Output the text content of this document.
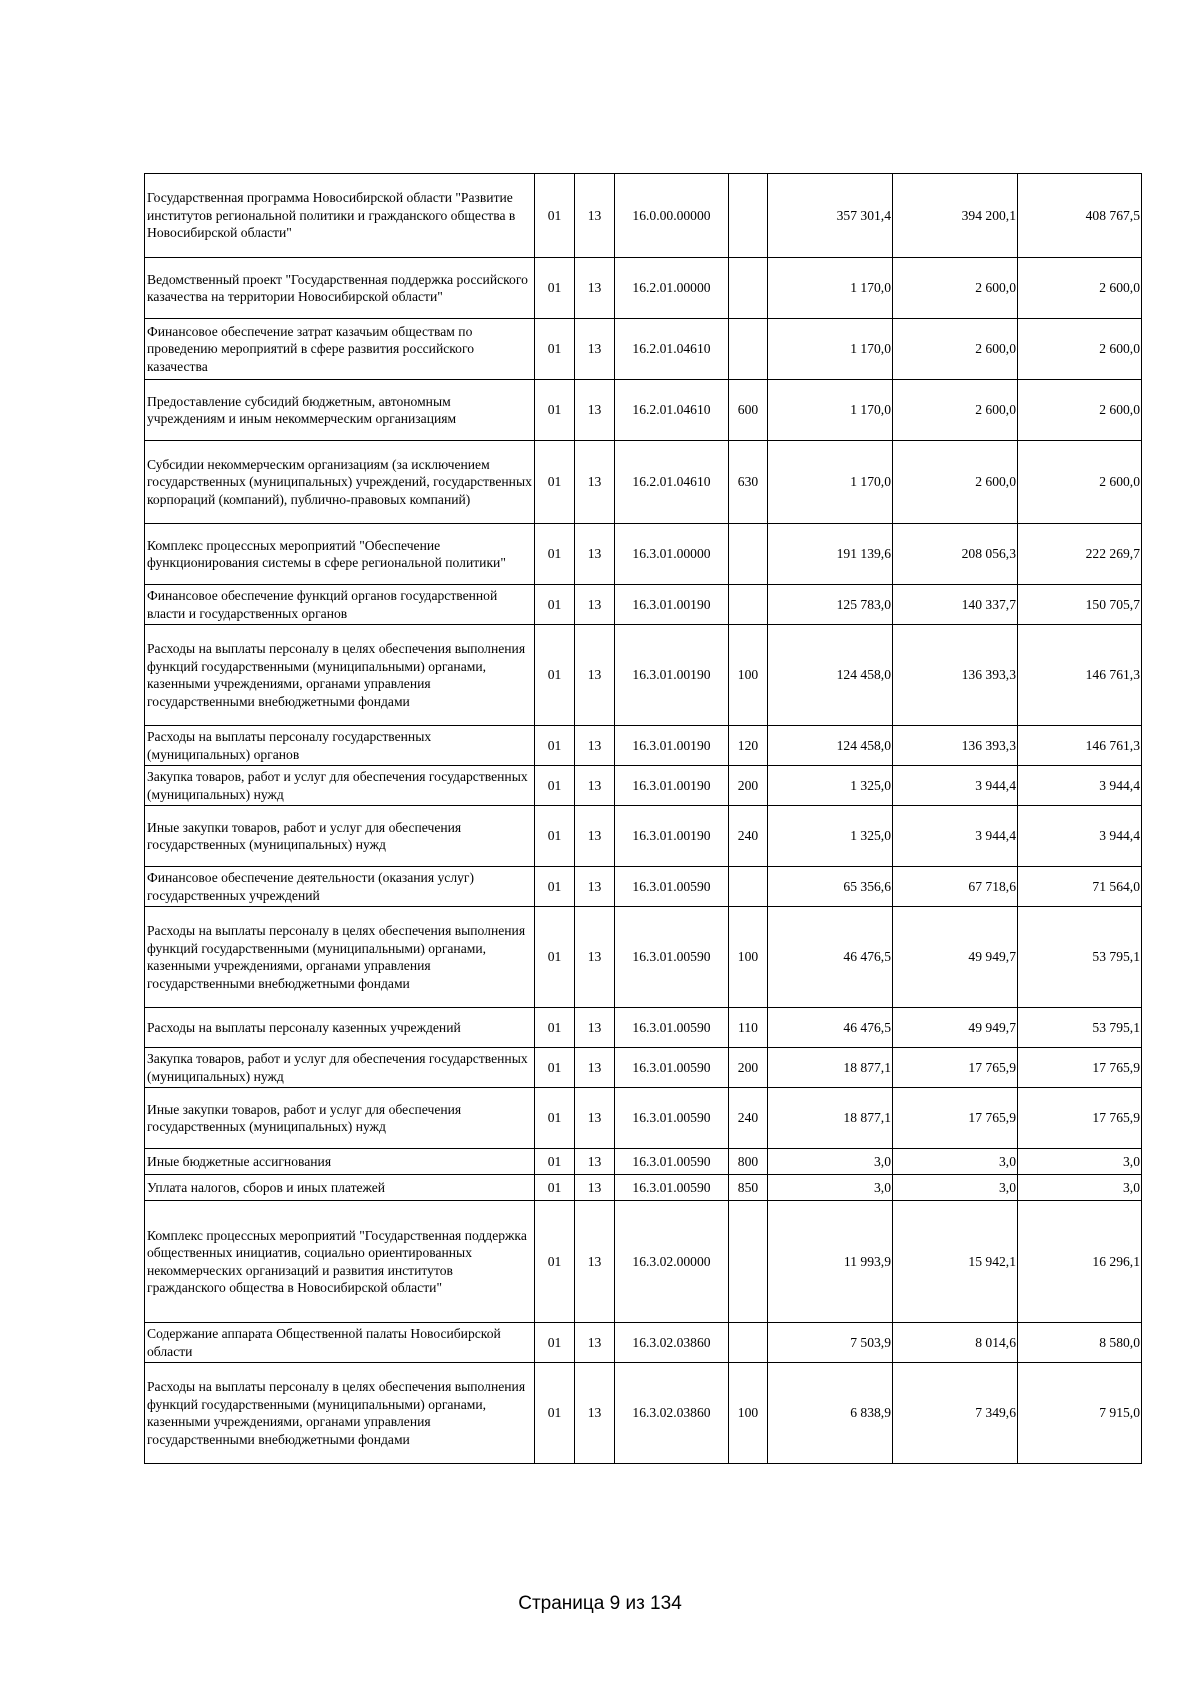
Государственная программа Новосибирской области "Развитие институтов региональной политики и гражданского общества в Новосибирской области"	01	13	16.0.00.00000		357 301,4	394 200,1	408 767,5
Ведомственный проект "Государственная поддержка российского казачества на территории Новосибирской области"	01	13	16.2.01.00000		1 170,0	2 600,0	2 600,0
Финансовое обеспечение затрат казачьим обществам по проведению мероприятий в сфере развития российского казачества	01	13	16.2.01.04610		1 170,0	2 600,0	2 600,0
Предоставление субсидий бюджетным, автономным учреждениям и иным некоммерческим организациям	01	13	16.2.01.04610	600	1 170,0	2 600,0	2 600,0
Субсидии некоммерческим организациям (за исключением государственных (муниципальных) учреждений, государственных корпораций (компаний), публично-правовых компаний)	01	13	16.2.01.04610	630	1 170,0	2 600,0	2 600,0
Комплекс процессных мероприятий "Обеспечение функционирования системы в сфере региональной политики"	01	13	16.3.01.00000		191 139,6	208 056,3	222 269,7
Финансовое обеспечение функций органов государственной власти и государственных органов	01	13	16.3.01.00190		125 783,0	140 337,7	150 705,7
Расходы на выплаты персоналу в целях обеспечения выполнения функций государственными (муниципальными) органами, казенными учреждениями, органами управления государственными внебюджетными фондами	01	13	16.3.01.00190	100	124 458,0	136 393,3	146 761,3
Расходы на выплаты персоналу государственных (муниципальных) органов	01	13	16.3.01.00190	120	124 458,0	136 393,3	146 761,3
Закупка товаров, работ и услуг для обеспечения государственных (муниципальных) нужд	01	13	16.3.01.00190	200	1 325,0	3 944,4	3 944,4
Иные закупки товаров, работ и услуг для обеспечения государственных (муниципальных) нужд	01	13	16.3.01.00190	240	1 325,0	3 944,4	3 944,4
Финансовое обеспечение деятельности (оказания услуг) государственных учреждений	01	13	16.3.01.00590		65 356,6	67 718,6	71 564,0
Расходы на выплаты персоналу в целях обеспечения выполнения функций государственными (муниципальными) органами, казенными учреждениями, органами управления государственными внебюджетными фондами	01	13	16.3.01.00590	100	46 476,5	49 949,7	53 795,1
Расходы на выплаты персоналу казенных учреждений	01	13	16.3.01.00590	110	46 476,5	49 949,7	53 795,1
Закупка товаров, работ и услуг для обеспечения государственных (муниципальных) нужд	01	13	16.3.01.00590	200	18 877,1	17 765,9	17 765,9
Иные закупки товаров, работ и услуг для обеспечения государственных (муниципальных) нужд	01	13	16.3.01.00590	240	18 877,1	17 765,9	17 765,9
Иные бюджетные ассигнования	01	13	16.3.01.00590	800	3,0	3,0	3,0
Уплата налогов, сборов и иных платежей	01	13	16.3.01.00590	850	3,0	3,0	3,0
Комплекс процессных мероприятий "Государственная поддержка общественных инициатив, социально ориентированных некоммерческих организаций и развития институтов гражданского общества в Новосибирской области"	01	13	16.3.02.00000		11 993,9	15 942,1	16 296,1
Содержание аппарата Общественной палаты Новосибирской области	01	13	16.3.02.03860		7 503,9	8 014,6	8 580,0
Расходы на выплаты персоналу в целях обеспечения выполнения функций государственными (муниципальными) органами, казенными учреждениями, органами управления государственными внебюджетными фондами	01	13	16.3.02.03860	100	6 838,9	7 349,6	7 915,0
Страница 9 из 134
